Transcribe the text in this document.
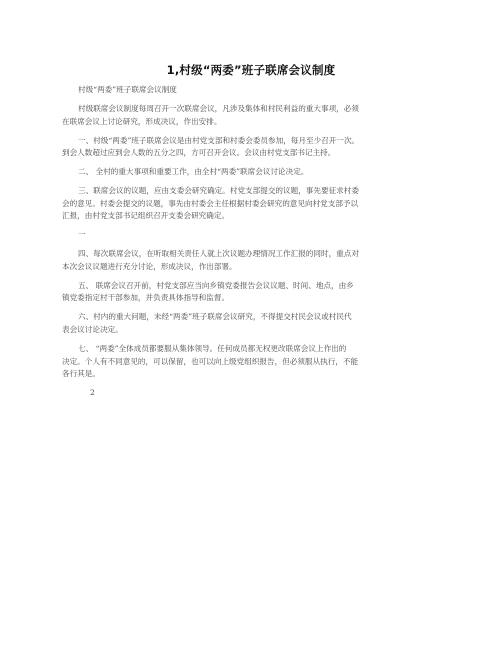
1,村级“两委”班子联席会议制度

村级“两委”班子联席会议制度

村级联席会议制度每周召开一次联席会议，凡涉及集体和村民利益的重大事项，必须
在联席会议上讨论研究，形成决议，作出安排。

一、村级“两委”班子联席会议是由村党支部和村委会委员参加，每月至少召开一次。
到会人数超过应到会人数的五分之四，方可召开会议。会议由村党支部书记主持。

二、 全村的重大事项和重要工作，由全村“两委”联席会议讨论决定。

三、联席会议的议题，应由支委会研究确定。村党支部提交的议题，事先要征求村委
会的意见。村委会提交的议题，事先由村委会主任根据村委会研究的意见向村党支部予以
汇报，由村党支部书记组织召开支委会研究确定。

一

四、每次联席会议，在听取相关责任人就上次议题办理情况工作汇报的同时，重点对
本次会议议题进行充分讨论，形成决议，作出部署。

五、 联席会议召开前，村党支部应当向乡镇党委报告会议议题、时间、地点，由乡
镇党委指定村干部参加，并负责具体指导和监督。

六、村内的重大问题，未经“两委”班子联席会议研究，不得提交村民会议或村民代
表会议讨论决定。

七、 “两委”全体成员都要服从集体领导。任何成员都无权更改联席会议上作出的
决定。个人有不同意见的，可以保留，也可以向上级党组织报告，但必须服从执行，不能
各行其是。

2
